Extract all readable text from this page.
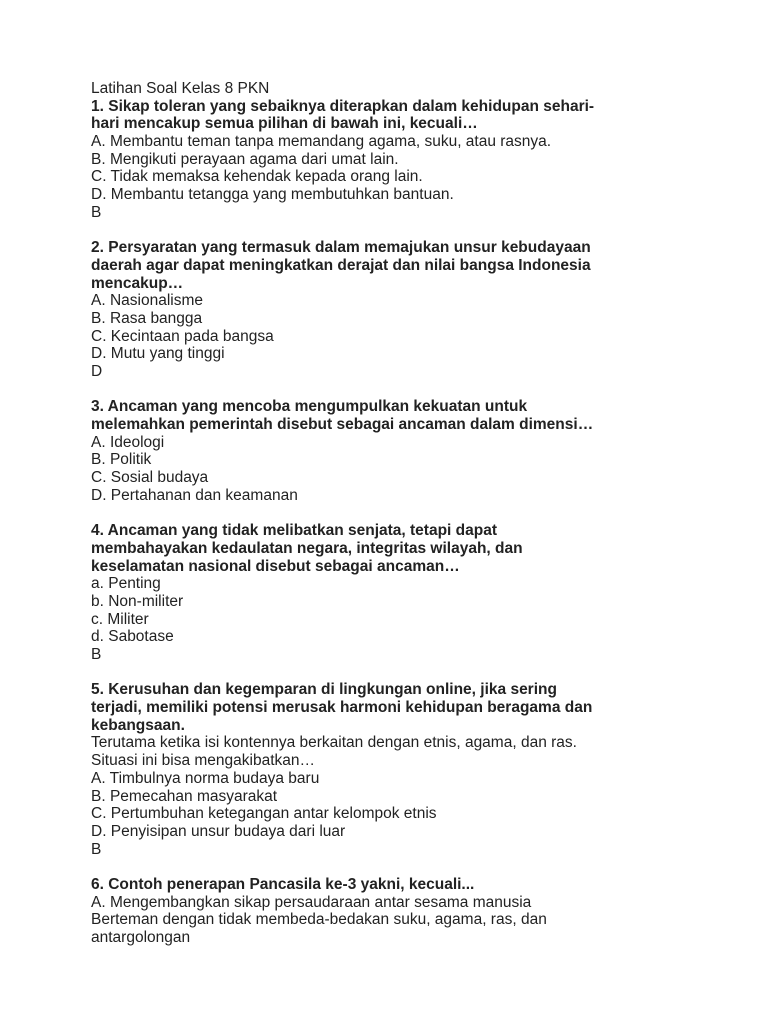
Latihan Soal Kelas 8 PKN
1. Sikap toleran yang sebaiknya diterapkan dalam kehidupan sehari-
hari mencakup semua pilihan di bawah ini, kecuali…
A. Membantu teman tanpa memandang agama, suku, atau rasnya.
B. Mengikuti perayaan agama dari umat lain.
C. Tidak memaksa kehendak kepada orang lain.
D. Membantu tetangga yang membutuhkan bantuan.
B
2. Persyaratan yang termasuk dalam memajukan unsur kebudayaan
daerah agar dapat meningkatkan derajat dan nilai bangsa Indonesia
mencakup…
A. Nasionalisme
B. Rasa bangga
C. Kecintaan pada bangsa
D. Mutu yang tinggi
D
3. Ancaman yang mencoba mengumpulkan kekuatan untuk
melemahkan pemerintah disebut sebagai ancaman dalam dimensi…
A. Ideologi
B. Politik
C. Sosial budaya
D. Pertahanan dan keamanan
4. Ancaman yang tidak melibatkan senjata, tetapi dapat
membahayakan kedaulatan negara, integritas wilayah, dan
keselamatan nasional disebut sebagai ancaman…
a. Penting
b. Non-militer
c. Militer
d. Sabotase
B
5. Kerusuhan dan kegemparan di lingkungan online, jika sering
terjadi, memiliki potensi merusak harmoni kehidupan beragama dan
kebangsaan.
Terutama ketika isi kontennya berkaitan dengan etnis, agama, dan ras.
Situasi ini bisa mengakibatkan…
A. Timbulnya norma budaya baru
B. Pemecahan masyarakat
C. Pertumbuhan ketegangan antar kelompok etnis
D. Penyisipan unsur budaya dari luar
B
6. Contoh penerapan Pancasila ke-3 yakni, kecuali...
A. Mengembangkan sikap persaudaraan antar sesama manusia
Berteman dengan tidak membeda-bedakan suku, agama, ras, dan
antargolongan
